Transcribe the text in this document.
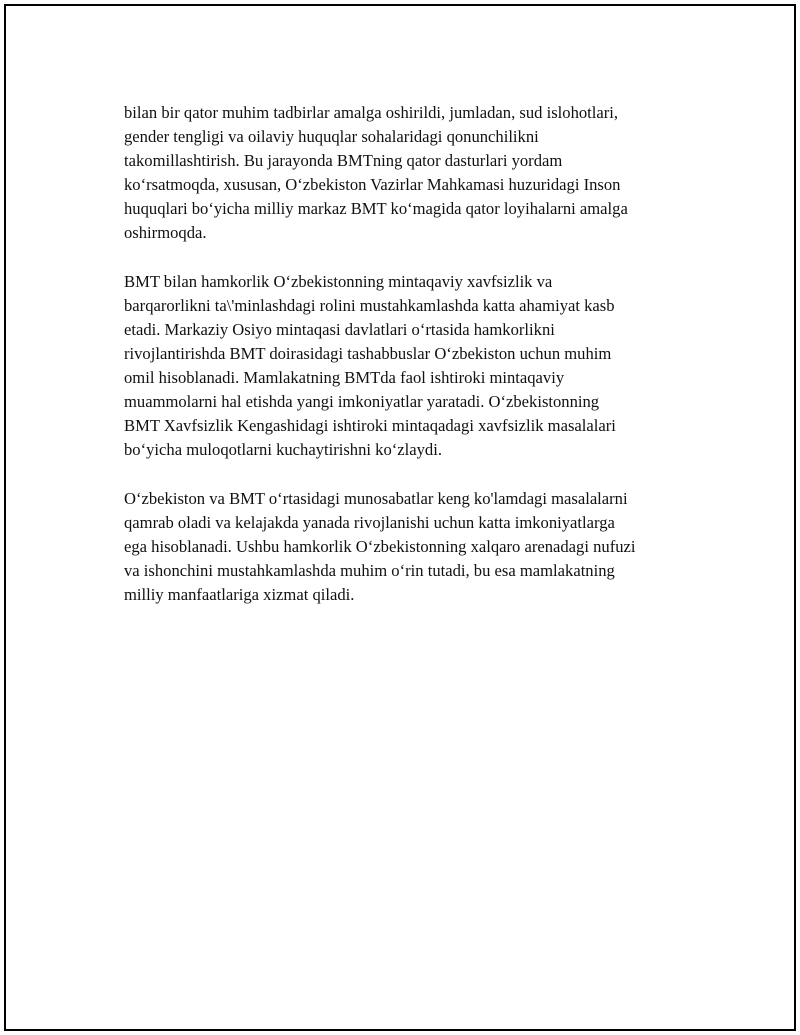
bilan bir qator muhim tadbirlar amalga oshirildi, jumladan, sud islohotlari,
gender tengligi va oilaviy huquqlar sohalaridagi qonunchilikni
takomillashtirish. Bu jarayonda BMTning qator dasturlari yordam
ko‘rsatmoqda, xususan, O‘zbekiston Vazirlar Mahkamasi huzuridagi Inson
huquqlari bo‘yicha milliy markaz BMT ko‘magida qator loyihalarni amalga
oshirmoqda.

BMT bilan hamkorlik O‘zbekistonning mintaqaviy xavfsizlik va
barqarorlikni ta\'minlashdagi rolini mustahkamlashda katta ahamiyat kasb
etadi. Markaziy Osiyo mintaqasi davlatlari o‘rtasida hamkorlikni
rivojlantirishda BMT doirasidagi tashabbuslar O‘zbekiston uchun muhim
omil hisoblanadi. Mamlakatning BMTda faol ishtiroki mintaqaviy
muammolarni hal etishda yangi imkoniyatlar yaratadi. O‘zbekistonning
BMT Xavfsizlik Kengashidagi ishtiroki mintaqadagi xavfsizlik masalalari
bo‘yicha muloqotlarni kuchaytirishni ko‘zlaydi.

O‘zbekiston va BMT o‘rtasidagi munosabatlar keng ko'lamdagi masalalarni
qamrab oladi va kelajakda yanada rivojlanishi uchun katta imkoniyatlarga
ega hisoblanadi. Ushbu hamkorlik O‘zbekistonning xalqaro arenadagi nufuzi
va ishonchini mustahkamlashda muhim o‘rin tutadi, bu esa mamlakatning
milliy manfaatlariga xizmat qiladi.
